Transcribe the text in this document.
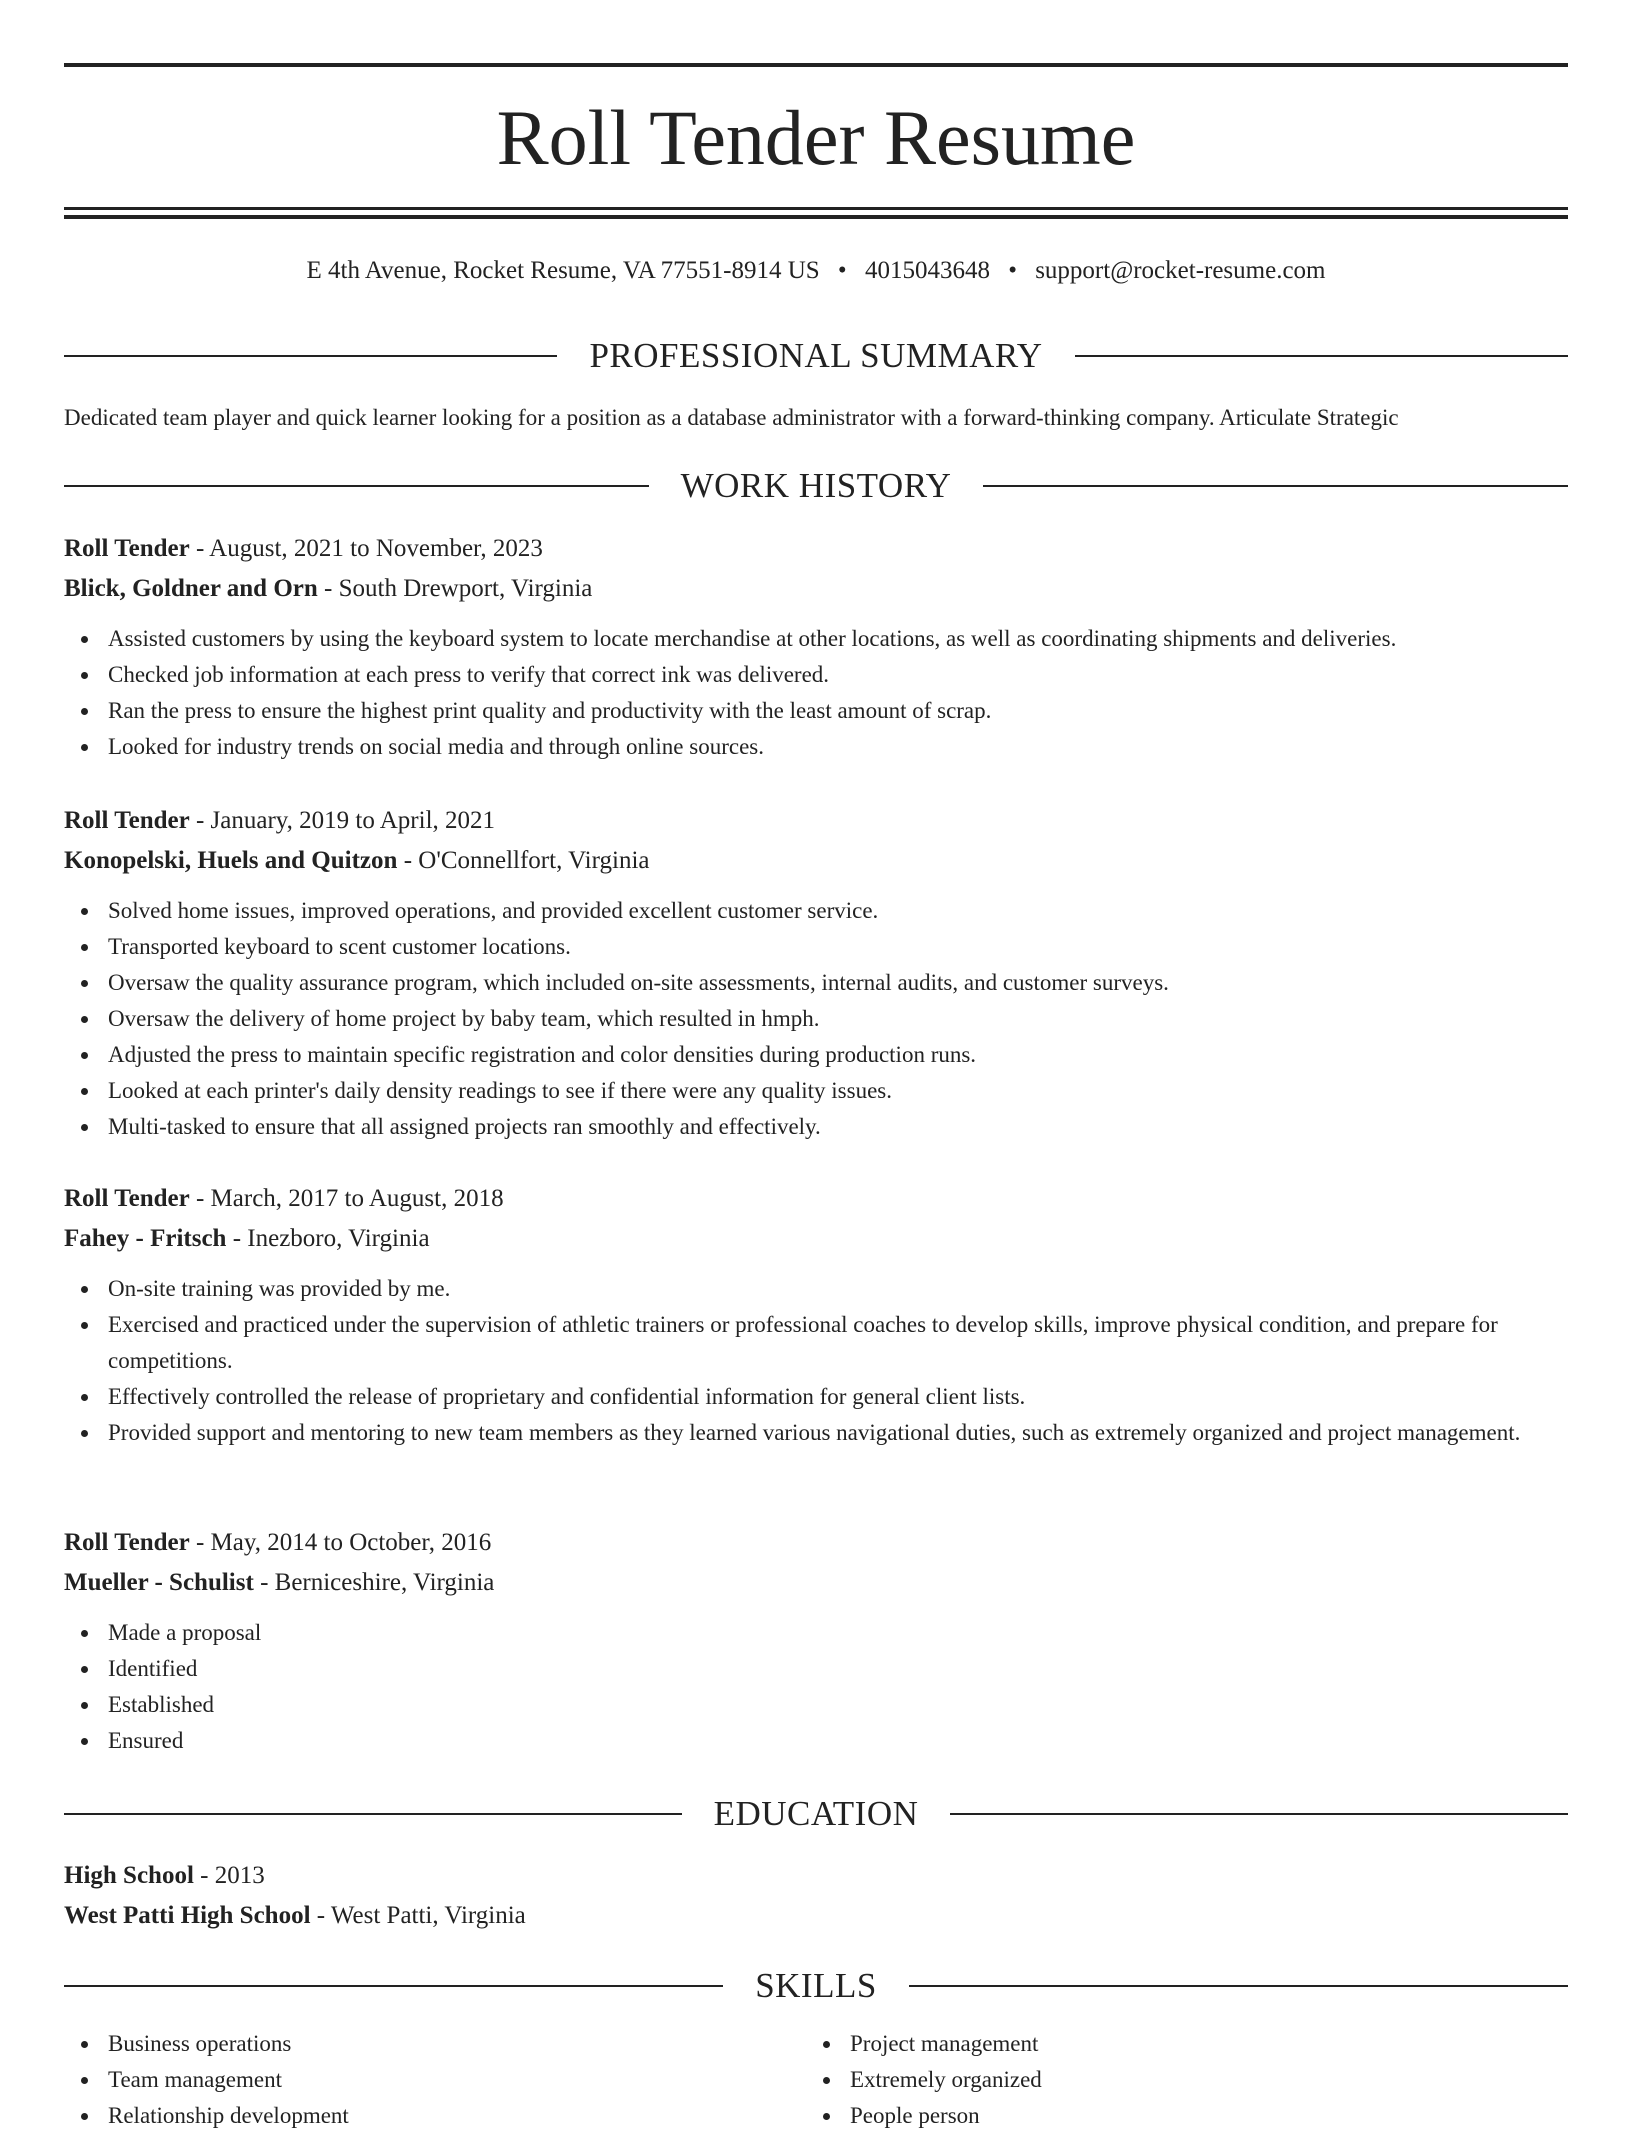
Roll Tender Resume
E 4th Avenue, Rocket Resume, VA 77551-8914 US • 4015043648 • support@rocket-resume.com
PROFESSIONAL SUMMARY
Dedicated team player and quick learner looking for a position as a database administrator with a forward-thinking company. Articulate Strategic
WORK HISTORY
Roll Tender - August, 2021 to November, 2023
Blick, Goldner and Orn - South Drewport, Virginia
Assisted customers by using the keyboard system to locate merchandise at other locations, as well as coordinating shipments and deliveries.
Checked job information at each press to verify that correct ink was delivered.
Ran the press to ensure the highest print quality and productivity with the least amount of scrap.
Looked for industry trends on social media and through online sources.
Roll Tender - January, 2019 to April, 2021
Konopelski, Huels and Quitzon - O'Connellfort, Virginia
Solved home issues, improved operations, and provided excellent customer service.
Transported keyboard to scent customer locations.
Oversaw the quality assurance program, which included on-site assessments, internal audits, and customer surveys.
Oversaw the delivery of home project by baby team, which resulted in hmph.
Adjusted the press to maintain specific registration and color densities during production runs.
Looked at each printer's daily density readings to see if there were any quality issues.
Multi-tasked to ensure that all assigned projects ran smoothly and effectively.
Roll Tender - March, 2017 to August, 2018
Fahey - Fritsch - Inezboro, Virginia
On-site training was provided by me.
Exercised and practiced under the supervision of athletic trainers or professional coaches to develop skills, improve physical condition, and prepare for competitions.
Effectively controlled the release of proprietary and confidential information for general client lists.
Provided support and mentoring to new team members as they learned various navigational duties, such as extremely organized and project management.
Roll Tender - May, 2014 to October, 2016
Mueller - Schulist - Berniceshire, Virginia
Made a proposal
Identified
Established
Ensured
EDUCATION
High School - 2013
West Patti High School - West Patti, Virginia
SKILLS
Business operations
Team management
Relationship development
Project management
Extremely organized
People person
